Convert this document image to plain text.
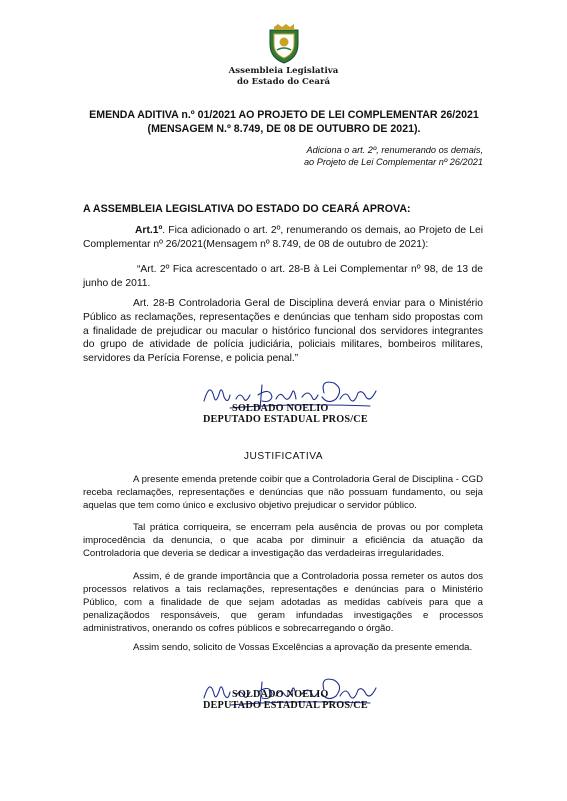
Assembleia Legislativa
do Estado do Ceará
EMENDA ADITIVA n.º 01/2021 AO PROJETO DE LEI COMPLEMENTAR 26/2021
(MENSAGEM N.º 8.749, DE 08 DE OUTUBRO DE 2021).
Adiciona o art. 2º, renumerando os demais,
ao Projeto de Lei Complementar nº 26/2021
A ASSEMBLEIA LEGISLATIVA DO ESTADO DO CEARÁ APROVA:
Art.1º. Fica adicionado o art. 2º, renumerando os demais, ao Projeto de Lei Complementar nº 26/2021(Mensagem nº 8.749, de 08 de outubro de 2021):
“Art. 2º Fica acrescentado o art. 28-B à Lei Complementar nº 98, de 13 de junho de 2011.
Art. 28-B Controladoria Geral de Disciplina deverá enviar para o Ministério Público as reclamações, representações e denúncias que tenham sido propostas com a finalidade de prejudicar ou macular o histórico funcional dos servidores integrantes do grupo de atividade de polícia judiciária, policiais militares, bombeiros militares, servidores da Perícia Forense, e policia penal.”
SOLDADO NOELIO
DEPUTADO ESTADUAL PROS/CE
JUSTIFICATIVA
A presente emenda pretende coibir que a Controladoria Geral de Disciplina - CGD receba reclamações, representações e denúncias que não possuam fundamento, ou seja aquelas que tem como único e exclusivo objetivo prejudicar o servidor público.
Tal prática corriqueira, se encerram pela ausência de provas ou por completa improcedência da denuncia, o que acaba por diminuir a eficiência da atuação da Controladoria que deveria se dedicar a investigação das verdadeiras irregularidades.
Assim, é de grande importância que a Controladoria possa remeter os autos dos processos relativos a tais reclamações, representações e denúncias para o Ministério Público, com a finalidade de que sejam adotadas as medidas cabíveis para que a penalizaçãodos responsáveis, que geram infundadas investigações e processos administrativos, onerando os cofres públicos e sobrecarregando o órgão.
Assim sendo, solicito de Vossas Excelências a aprovação da presente emenda.
SOLDADO NOELIO
DEPUTADO ESTADUAL PROS/CE
